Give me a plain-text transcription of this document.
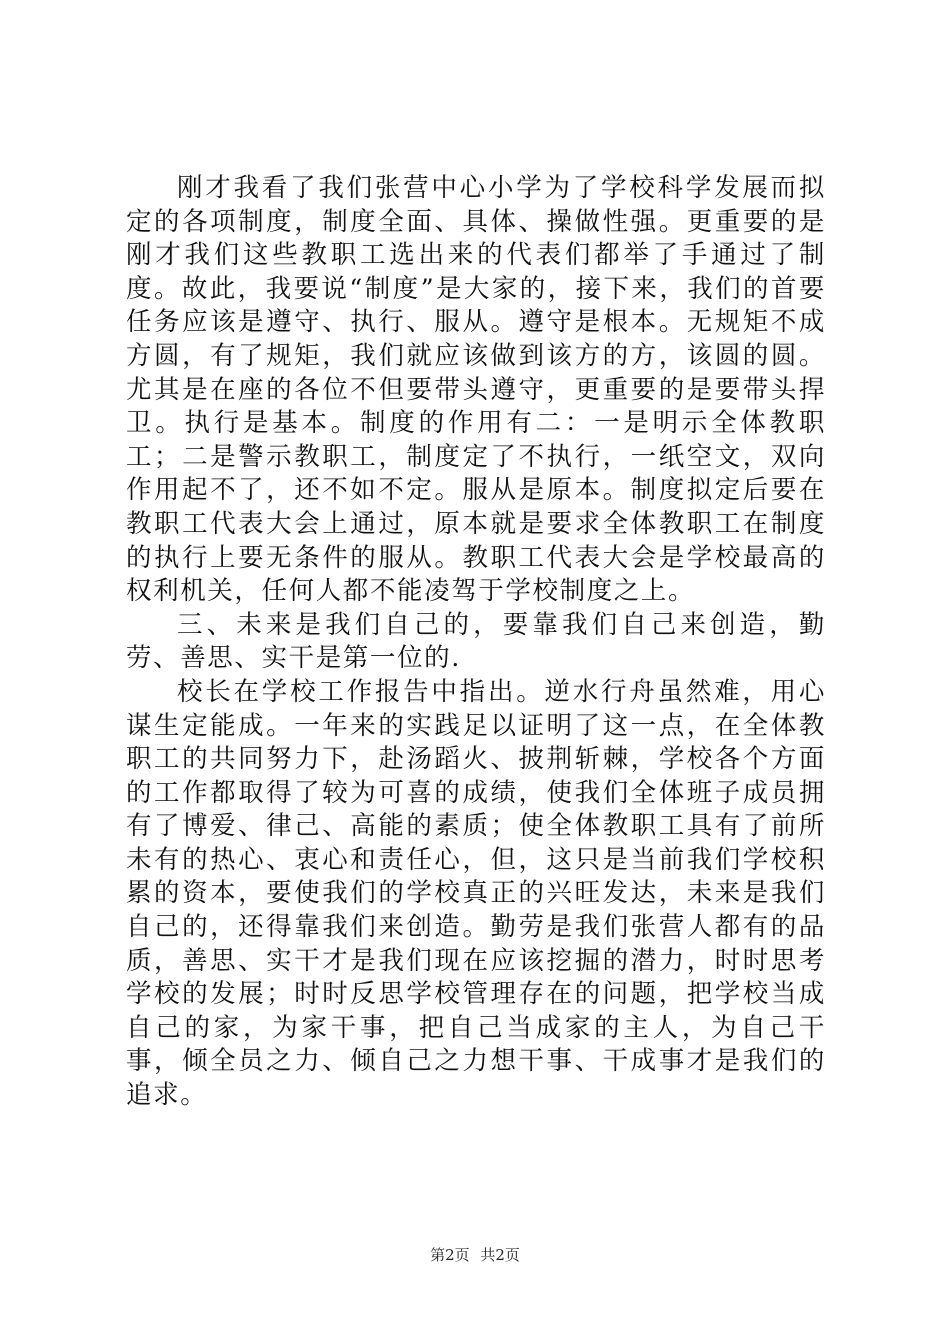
刚才我看了我们张营中心小学为了学校科学发展而拟定的各项制度，制度全面、具体、操做性强。更重要的是刚才我们这些教职工选出来的代表们都举了手通过了制度。故此，我要说“制度”是大家的，接下来，我们的首要任务应该是遵守、执行、服从。遵守是根本。无规矩不成方圆，有了规矩，我们就应该做到该方的方，该圆的圆。尤其是在座的各位不但要带头遵守，更重要的是要带头捍卫。执行是基本。制度的作用有二：一是明示全体教职工；二是警示教职工，制度定了不执行，一纸空文，双向作用起不了，还不如不定。服从是原本。制度拟定后要在教职工代表大会上通过，原本就是要求全体教职工在制度的执行上要无条件的服从。教职工代表大会是学校最高的权利机关，任何人都不能凌驾于学校制度之上。

三、未来是我们自己的，要靠我们自己来创造，勤劳、善思、实干是第一位的.

校长在学校工作报告中指出。逆水行舟虽然难，用心谋生定能成。一年来的实践足以证明了这一点，在全体教职工的共同努力下，赴汤蹈火、披荆斩棘，学校各个方面的工作都取得了较为可喜的成绩，使我们全体班子成员拥有了博爱、律己、高能的素质；使全体教职工具有了前所未有的热心、衷心和责任心，但，这只是当前我们学校积累的资本，要使我们的学校真正的兴旺发达，未来是我们自己的，还得靠我们来创造。勤劳是我们张营人都有的品质，善思、实干才是我们现在应该挖掘的潜力，时时思考学校的发展；时时反思学校管理存在的问题，把学校当成自己的家，为家干事，把自己当成家的主人，为自己干事，倾全员之力、倾自己之力想干事、干成事才是我们的追求。

第2页 共2页
